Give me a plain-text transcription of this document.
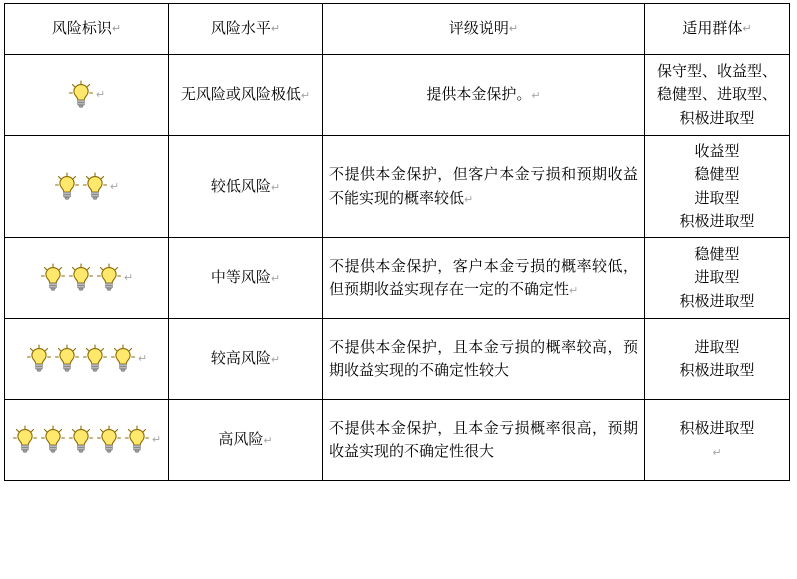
风险标识↵	风险水平↵	评级说明↵	适用群体↵

↵	无风险或风险极低↵	提供本金保护。↵	保守型、收益型、
稳健型、进取型、
积极进取型

↵	较低风险↵	不提供本金保护，但客户本金亏损和预期收益不能实现的概率较低↵	收益型
稳健型
进取型
积极进取型

↵	中等风险↵	不提供本金保护，客户本金亏损的概率较低，但预期收益实现存在一定的不确定性↵	稳健型
进取型
积极进取型

↵	较高风险↵	不提供本金保护，且本金亏损的概率较高，预期收益实现的不确定性较大	进取型
积极进取型

↵	高风险↵	不提供本金保护，且本金亏损概率很高，预期收益实现的不确定性很大	积极进取型
↵
